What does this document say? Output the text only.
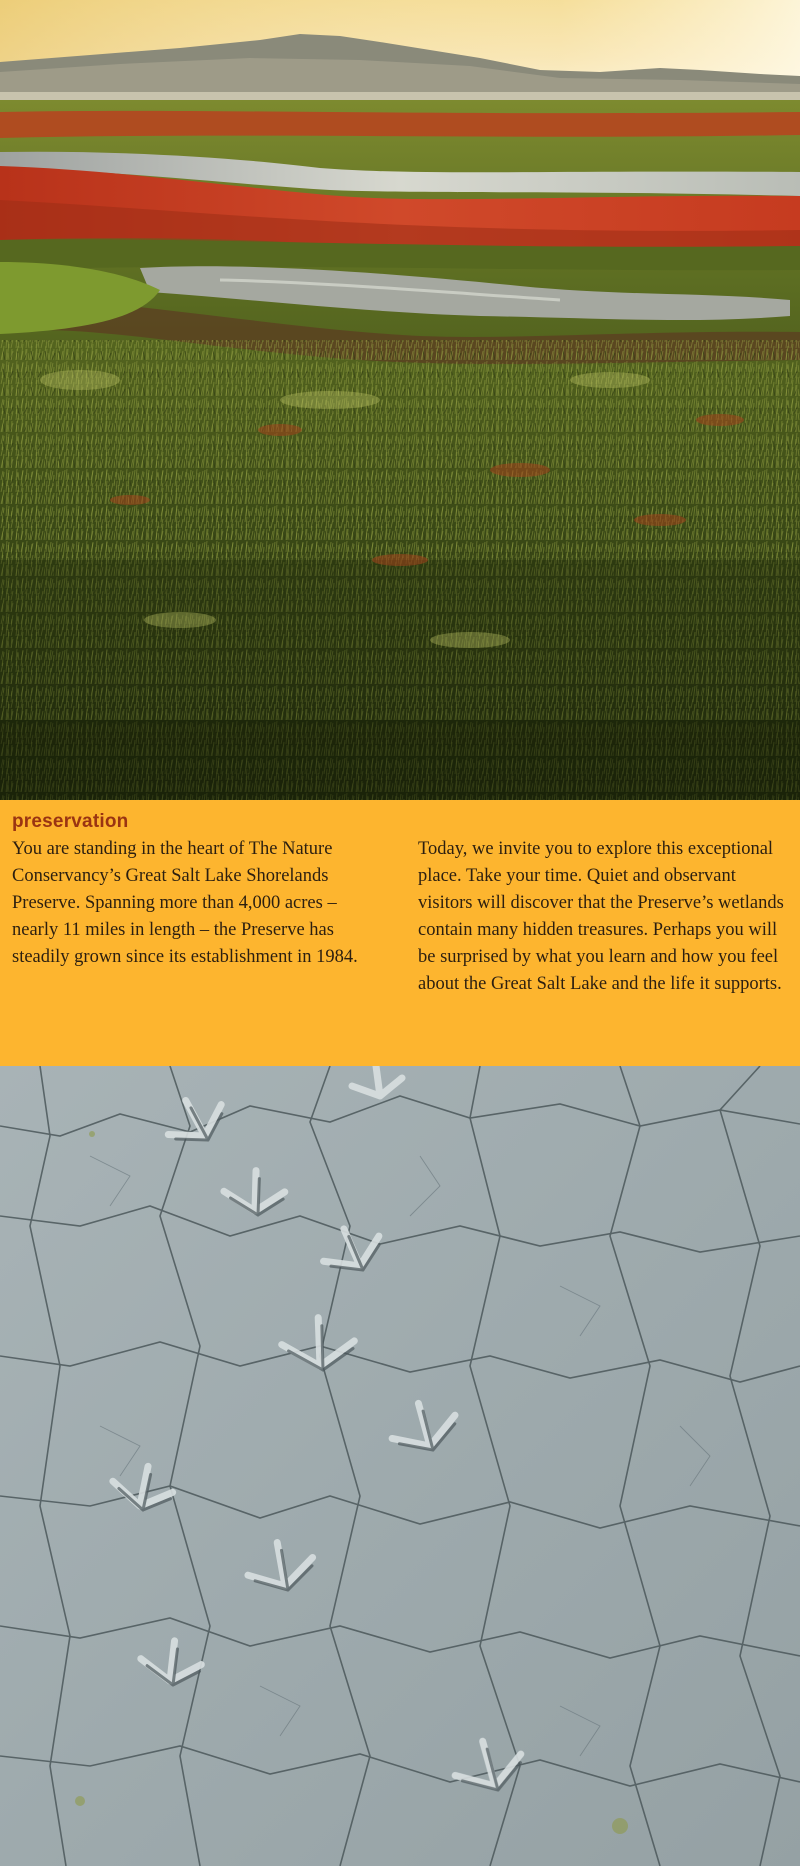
preservation

You are standing in the heart of The Nature Conservancy’s Great Salt Lake Shorelands Preserve. Spanning more than 4,000 acres – nearly 11 miles in length – the Preserve has steadily grown since its establishment in 1984.

Today, we invite you to explore this exceptional place. Take your time. Quiet and observant visitors will discover that the Preserve’s wetlands contain many hidden treasures. Perhaps you will be surprised by what you learn and how you feel about the Great Salt Lake and the life it supports.
